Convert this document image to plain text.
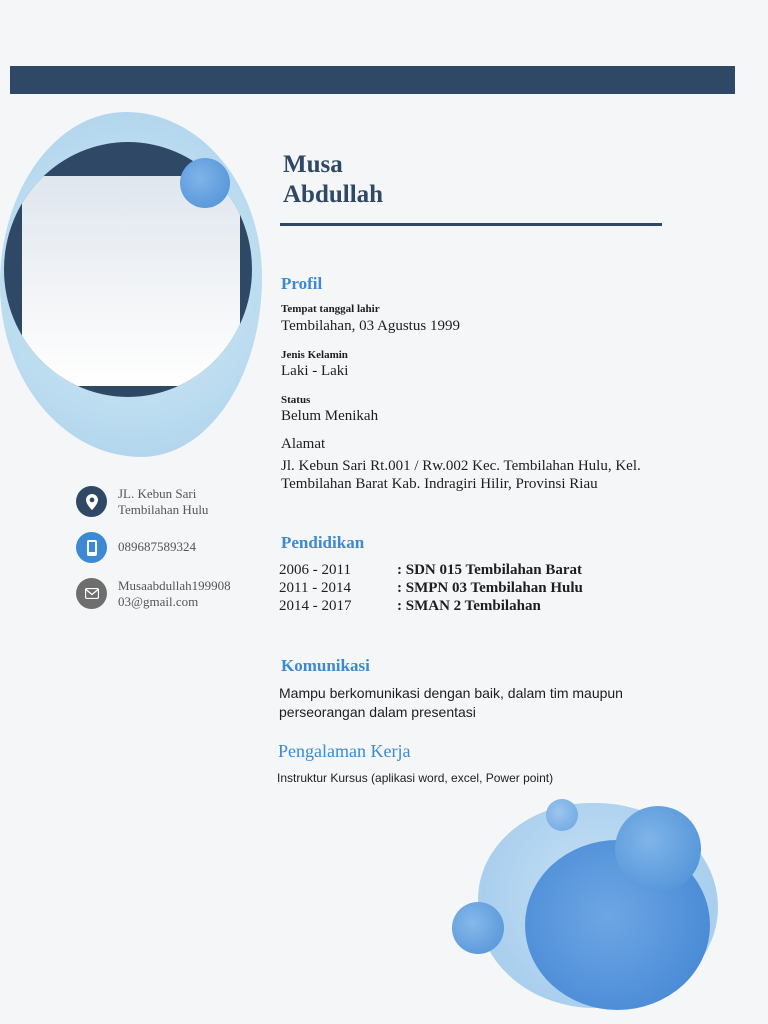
JL. Kebun Sari
Tembilahan Hulu
089687589324
Musaabdullah199908
03@gmail.com
Musa
Abdullah
Profil
Tempat tanggal lahir
Tembilahan, 03 Agustus 1999
Jenis Kelamin
Laki - Laki
Status
Belum Menikah
Alamat
Jl. Kebun Sari Rt.001 / Rw.002 Kec. Tembilahan Hulu, Kel. Tembilahan Barat Kab. Indragiri Hilir, Provinsi Riau
Pendidikan
2006 - 2011	: SDN 015 Tembilahan Barat
2011 - 2014	: SMPN 03 Tembilahan Hulu
2014 - 2017	: SMAN 2 Tembilahan
Komunikasi
Mampu berkomunikasi dengan baik, dalam tim maupun perseorangan dalam presentasi
Pengalaman Kerja
Instruktur Kursus (aplikasi word, excel, Power point)
